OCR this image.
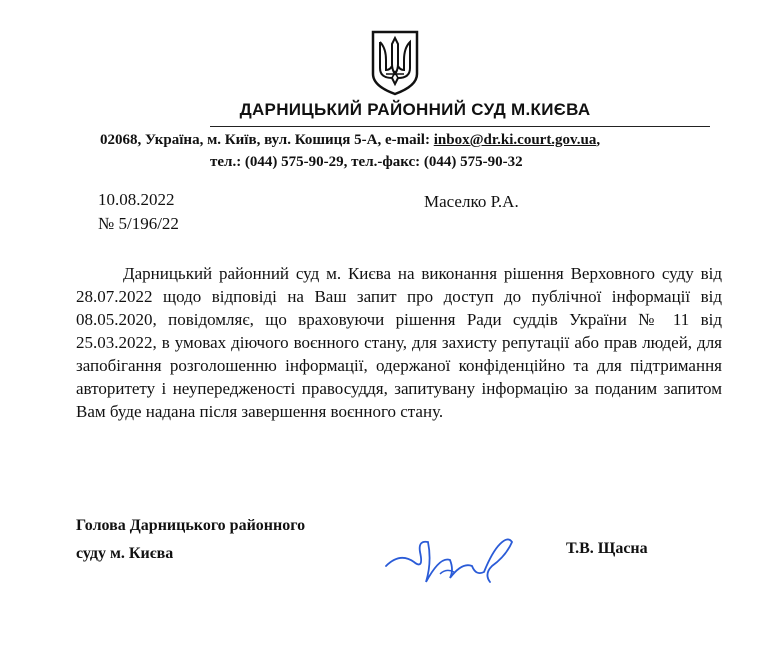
ДАРНИЦЬКИЙ РАЙОННИЙ СУД М.КИЄВА
02068, Україна, м. Київ, вул. Кошиця 5-А, e-mail: inbox@dr.ki.court.gov.ua,
тел.: (044) 575-90-29, тел.-факс: (044) 575-90-32
10.08.2022
№ 5/196/22
Маселко Р.А.
Дарницький районний суд м. Києва на виконання рішення Верховного суду від 28.07.2022 щодо відповіді на Ваш запит про доступ до публічної інформації від 08.05.2020, повідомляє, що враховуючи рішення Ради суддів України № 11 від 25.03.2022, в умовах діючого воєнного стану, для захисту репутації або прав людей, для запобігання розголошенню інформації, одержаної конфіденційно та для підтримання авторитету і неупередженості правосуддя, запитувану інформацію за поданим запитом Вам буде надана після завершення воєнного стану.
Голова Дарницького районного
суду м. Києва	Т.В. Щасна
